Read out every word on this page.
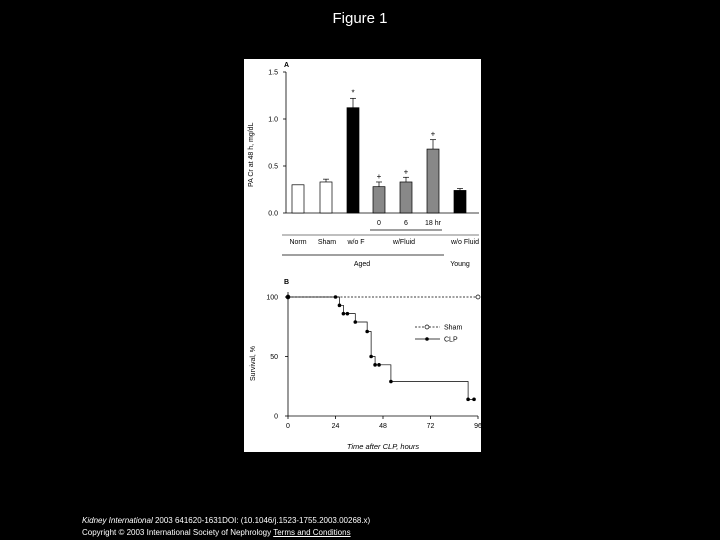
Figure 1
A
PA Cr at 48 h, mg/dL
0.0
0.5
1.0
1.5
*
+
+
+
0	6 18 hr
Norm Sham w/o F	w/Fluid	w/o Fluid
Aged	Young
B
Survival, %
Time after CLP, hours
0
50
100
0	24	48	72	96
Sham
CLP
Kidney International 2003 641620-1631DOI: (10.1046/j.1523-1755.2003.00268.x)
Copyright © 2003 International Society of Nephrology Terms and Conditions
